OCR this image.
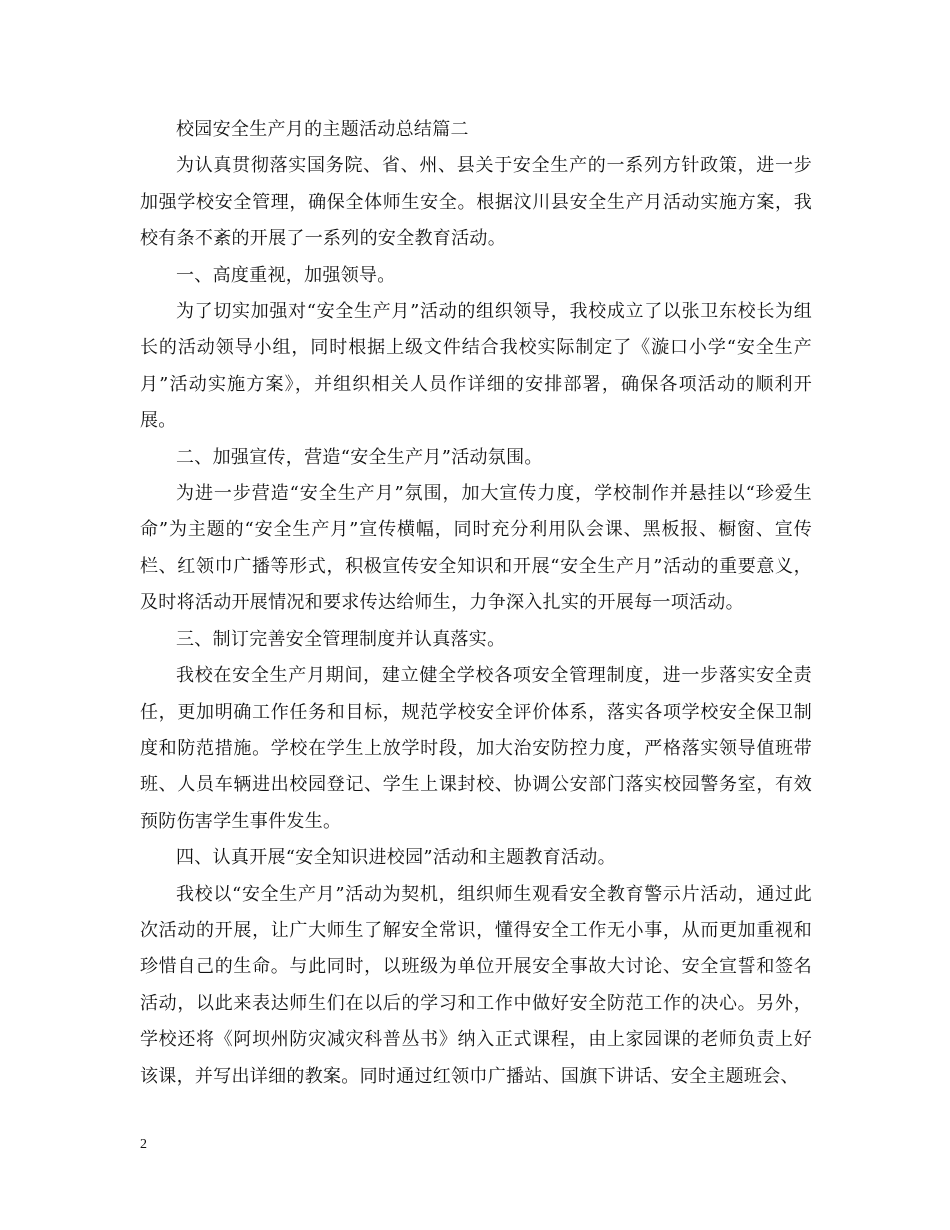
校园安全生产月的主题活动总结篇二

为认真贯彻落实国务院、省、州、县关于安全生产的一系列方针政策，进一步加强学校安全管理，确保全体师生安全。根据汶川县安全生产月活动实施方案，我校有条不紊的开展了一系列的安全教育活动。

一、高度重视，加强领导。

为了切实加强对“安全生产月”活动的组织领导，我校成立了以张卫东校长为组长的活动领导小组，同时根据上级文件结合我校实际制定了《漩口小学“安全生产月”活动实施方案》，并组织相关人员作详细的安排部署，确保各项活动的顺利开展。

二、加强宣传，营造“安全生产月”活动氛围。

为进一步营造“安全生产月”氛围，加大宣传力度，学校制作并悬挂以“珍爱生命”为主题的“安全生产月”宣传横幅，同时充分利用队会课、黑板报、橱窗、宣传栏、红领巾广播等形式，积极宣传安全知识和开展“安全生产月”活动的重要意义，及时将活动开展情况和要求传达给师生，力争深入扎实的开展每一项活动。

三、制订完善安全管理制度并认真落实。

我校在安全生产月期间，建立健全学校各项安全管理制度，进一步落实安全责任，更加明确工作任务和目标，规范学校安全评价体系，落实各项学校安全保卫制度和防范措施。学校在学生上放学时段，加大治安防控力度，严格落实领导值班带班、人员车辆进出校园登记、学生上课封校、协调公安部门落实校园警务室，有效预防伤害学生事件发生。

四、认真开展“安全知识进校园”活动和主题教育活动。

我校以“安全生产月”活动为契机，组织师生观看安全教育警示片活动，通过此次活动的开展，让广大师生了解安全常识，懂得安全工作无小事，从而更加重视和珍惜自己的生命。与此同时，以班级为单位开展安全事故大讨论、安全宣誓和签名活动，以此来表达师生们在以后的学习和工作中做好安全防范工作的决心。另外，学校还将《阿坝州防灾减灾科普丛书》纳入正式课程，由上家园课的老师负责上好该课，并写出详细的教案。同时通过红领巾广播站、国旗下讲话、安全主题班会、

2
